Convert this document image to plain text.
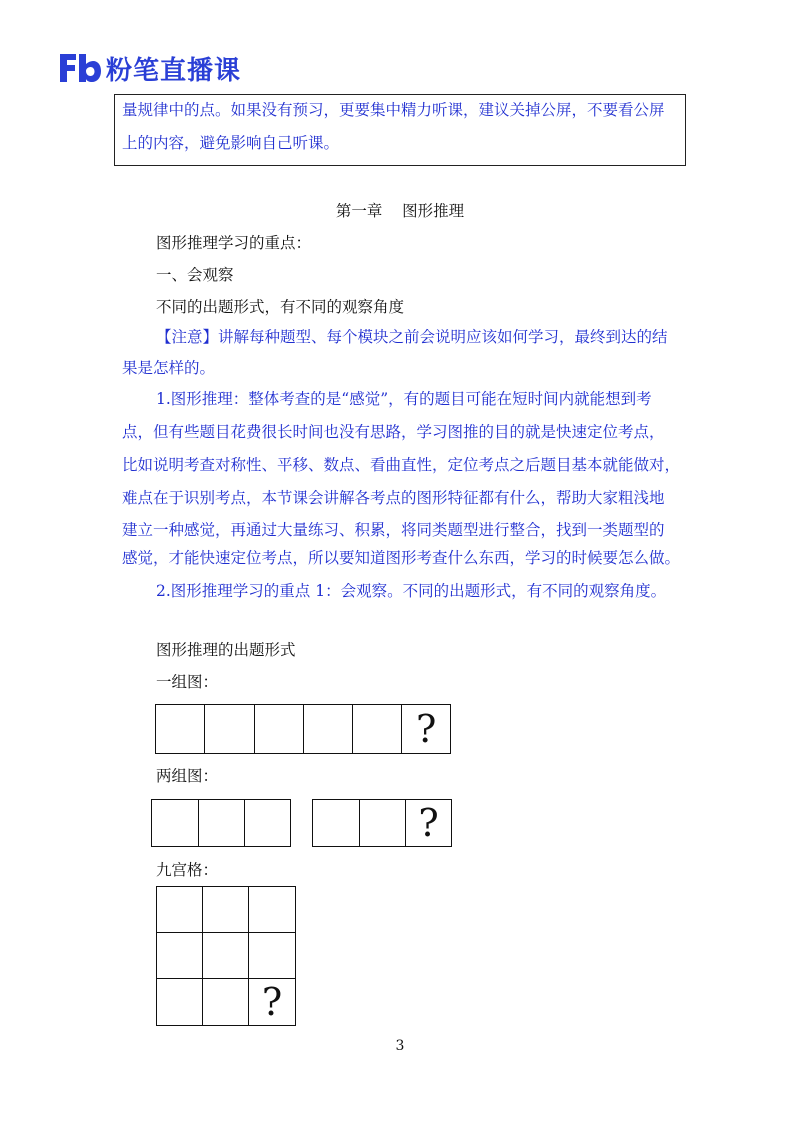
粉笔直播课
量规律中的点。如果没有预习，更要集中精力听课，建议关掉公屏，不要看公屏
上的内容，避免影响自己听课。
第一章    图形推理
图形推理学习的重点：
一、会观察
不同的出题形式，有不同的观察角度
【注意】讲解每种题型、每个模块之前会说明应该如何学习，最终到达的结
果是怎样的。
1.图形推理：整体考查的是“感觉”，有的题目可能在短时间内就能想到考
点，但有些题目花费很长时间也没有思路，学习图推的目的就是快速定位考点，
比如说明考查对称性、平移、数点、看曲直性，定位考点之后题目基本就能做对，
难点在于识别考点，本节课会讲解各考点的图形特征都有什么，帮助大家粗浅地
建立一种感觉，再通过大量练习、积累，将同类题型进行整合，找到一类题型的
感觉，才能快速定位考点，所以要知道图形考查什么东西，学习的时候要怎么做。
2.图形推理学习的重点 1：会观察。不同的出题形式，有不同的观察角度。
图形推理的出题形式
一组图：
?
两组图：
?
九宫格：
?
3
